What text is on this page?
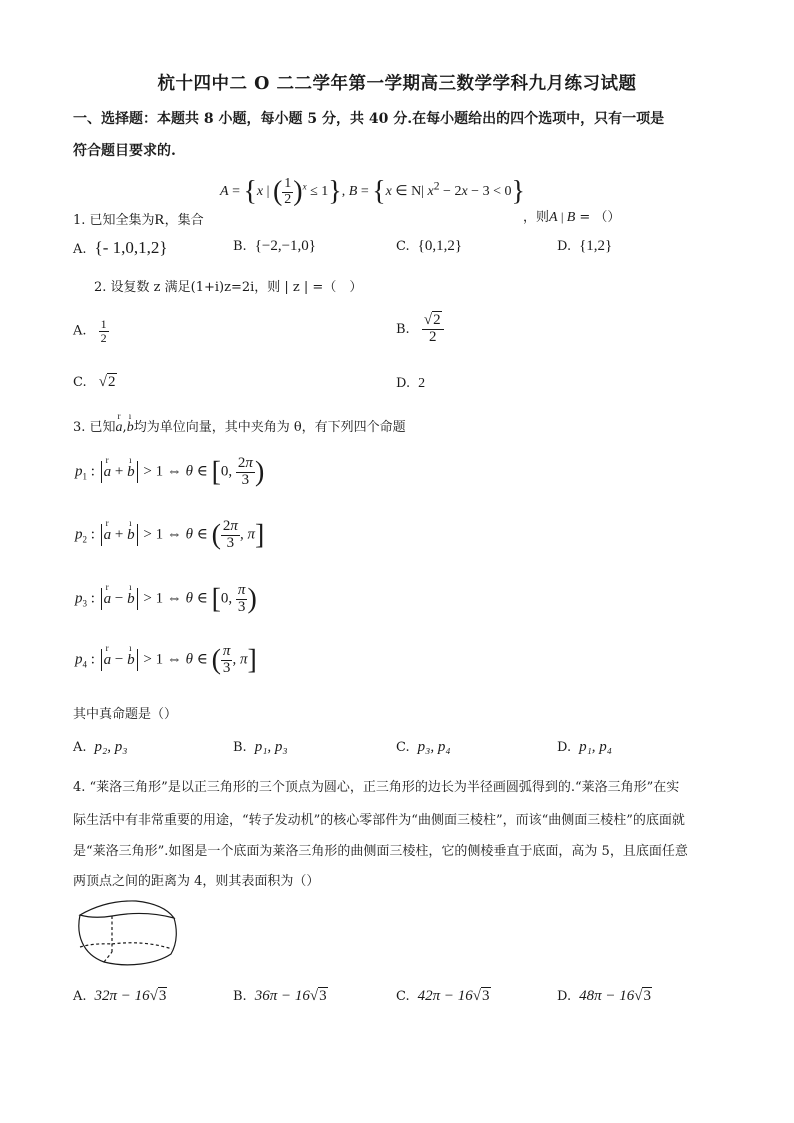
杭十四中二 O 二二学年第一学期高三数学学科九月练习试题
一、选择题：本题共 8 小题，每小题 5 分，共 40 分.在每小题给出的四个选项中，只有一项是
符合题目要求的.
A = {x | ( $\frac{1}{2} )^x \le 1$}, B = {x ∈ N| $x^2 - 2x - 3 < 0$}
1. 已知全集为R，集合	，则A | B = （）
A. {- 1,0,1,2}	B. {−2,−1,0}	C. {0,1,2}	D. {1,2}
2. 设复数 z 满足(1+i)z=2i，则 | z | =（　）
A. $\frac{1}{2}$	B. $\frac{√2}{2}$
C. √2	D. 2
3. 已知r a,ı b均为单位向量，其中夹角为 θ，有下列四个命题
$p_1$ : r a + ı b > 1 ⇔ θ ∈ [0, $\frac{2\pi}{3}$ )
$p_2$ : r a + ı b > 1 ⇔ θ ∈ ( $\frac{2\pi}{3}$ , π]
$p_3$ : r a − ı b > 1 ⇔ θ ∈ [0, $\frac{\pi}{3}$ )
$p_4$ : r a − ı b > 1 ⇔ θ ∈ ( $\frac{\pi}{3}$ , π]
其中真命题是（）
A. p₂, p₃	B. p₁, p₃	C. p₃, p₄	D. p₁, p₄
4. “莱洛三角形”是以正三角形的三个顶点为圆心，正三角形的边长为半径画圆弧得到的.“莱洛三角形”在实
际生活中有非常重要的用途，“转子发动机”的核心零部件为“曲侧面三棱柱”，而该“曲侧面三棱柱”的底面就
是“莱洛三角形”.如图是一个底面为莱洛三角形的曲侧面三棱柱，它的侧棱垂直于底面，高为 5，且底面任意
两顶点之间的距离为 4，则其表面积为（）
A. 32π − 16√3	B. 36π − 16√3	C. 42π − 16√3	D. 48π − 16√3
